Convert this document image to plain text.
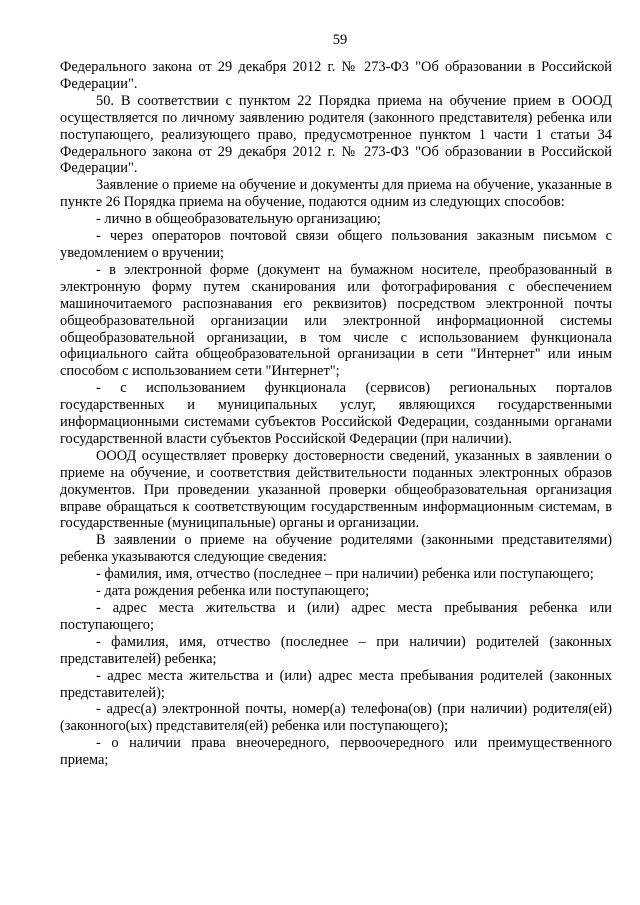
59

Федерального закона от 29 декабря 2012 г. № 273-ФЗ "Об образовании в Российской Федерации".

50. В соответствии с пунктом 22 Порядка приема на обучение прием в ОООД осуществляется по личному заявлению родителя (законного представителя) ребенка или поступающего, реализующего право, предусмотренное пунктом 1 части 1 статьи 34 Федерального закона от 29 декабря 2012 г. № 273-ФЗ "Об образовании в Российской Федерации".

Заявление о приеме на обучение и документы для приема на обучение, указанные в пункте 26 Порядка приема на обучение, подаются одним из следующих способов:

- лично в общеобразовательную организацию;

- через операторов почтовой связи общего пользования заказным письмом с уведомлением о вручении;

- в электронной форме (документ на бумажном носителе, преобразованный в электронную форму путем сканирования или фотографирования с обеспечением машиночитаемого распознавания его реквизитов) посредством электронной почты общеобразовательной организации или электронной информационной системы общеобразовательной организации, в том числе с использованием функционала официального сайта общеобразовательной организации в сети "Интернет" или иным способом с использованием сети "Интернет";

- с использованием функционала (сервисов) региональных порталов государственных и муниципальных услуг, являющихся государственными информационными системами субъектов Российской Федерации, созданными органами государственной власти субъектов Российской Федерации (при наличии).

ОООД осуществляет проверку достоверности сведений, указанных в заявлении о приеме на обучение, и соответствия действительности поданных электронных образов документов. При проведении указанной проверки общеобразовательная организация вправе обращаться к соответствующим государственным информационным системам, в государственные (муниципальные) органы и организации.

В заявлении о приеме на обучение родителями (законными представителями) ребенка указываются следующие сведения:

- фамилия, имя, отчество (последнее – при наличии) ребенка или поступающего;

- дата рождения ребенка или поступающего;

- адрес места жительства и (или) адрес места пребывания ребенка или поступающего;

- фамилия, имя, отчество (последнее – при наличии) родителей (законных представителей) ребенка;

- адрес места жительства и (или) адрес места пребывания родителей (законных представителей);

- адрес(а) электронной почты, номер(а) телефона(ов) (при наличии) родителя(ей) (законного(ых) представителя(ей) ребенка или поступающего);

- о наличии права внеочередного, первоочередного или преимущественного приема;
